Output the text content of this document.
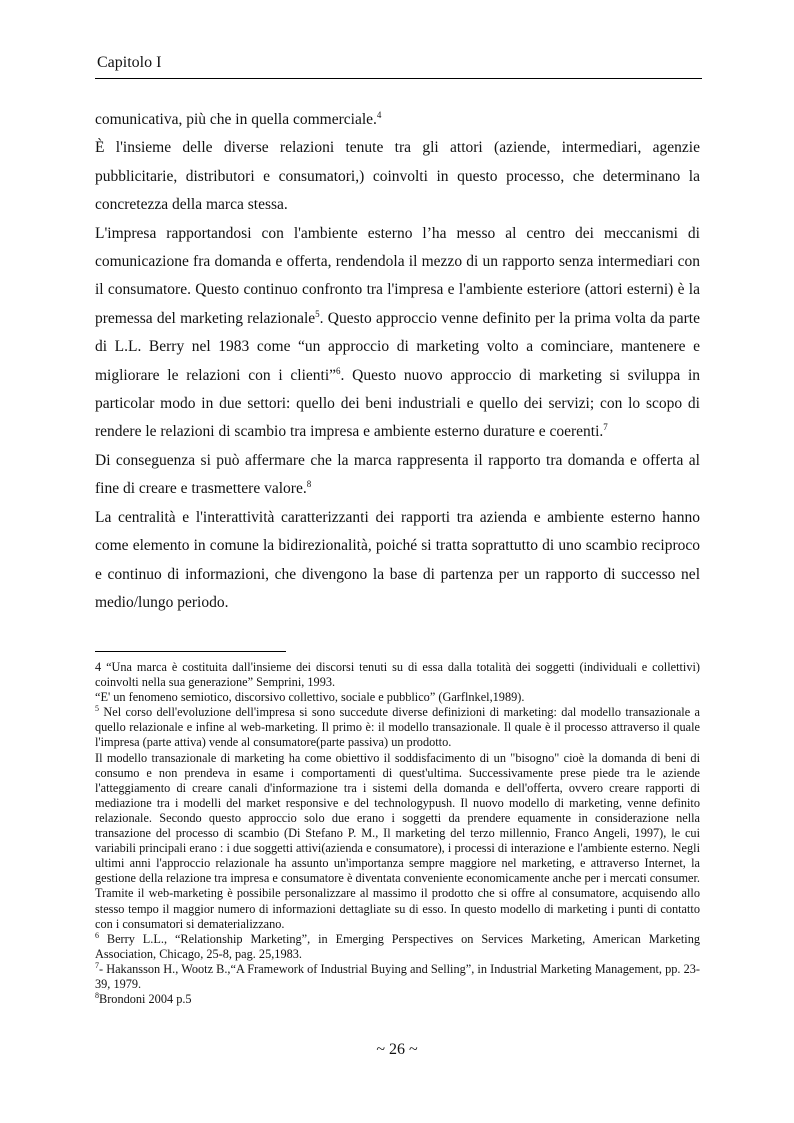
Capitolo I

comunicativa, più che in quella commerciale.$^4$

È l'insieme delle diverse relazioni tenute tra gli attori (aziende, intermediari, agenzie pubblicitarie, distributori e consumatori,) coinvolti in questo processo, che determinano la concretezza della marca stessa.

L'impresa rapportandosi con l'ambiente esterno l’ha messo al centro dei meccanismi di comunicazione fra domanda e offerta, rendendola il mezzo di un rapporto senza intermediari con il consumatore. Questo continuo confronto tra l'impresa e l'ambiente esteriore (attori esterni) è la premessa del marketing relazionale$^5$. Questo approccio venne definito per la prima volta da parte di L.L. Berry nel 1983 come “un approccio di marketing volto a cominciare, mantenere e migliorare le relazioni con i clienti”$^6$. Questo nuovo approccio di marketing si sviluppa in particolar modo in due settori: quello dei beni industriali e quello dei servizi; con lo scopo di rendere le relazioni di scambio tra impresa e ambiente esterno durature e coerenti.$^7$

Di conseguenza si può affermare che la marca rappresenta il rapporto tra domanda e offerta al fine di creare e trasmettere valore.$^8$

La centralità e l'interattività caratterizzanti dei rapporti tra azienda e ambiente esterno hanno come elemento in comune la bidirezionalità, poiché si tratta soprattutto di uno scambio reciproco e continuo di informazioni, che divengono la base di partenza per un rapporto di successo nel medio/lungo periodo.

4 “Una marca è costituita dall'insieme dei discorsi tenuti su di essa dalla totalità dei soggetti (individuali e collettivi) coinvolti nella sua generazione” Semprini, 1993.

“E' un fenomeno semiotico, discorsivo collettivo, sociale e pubblico” (Garflnkel,1989).

$^5$ Nel corso dell'evoluzione dell'impresa si sono succedute diverse definizioni di marketing: dal modello transazionale a quello relazionale e infine al web-marketing. Il primo è: il modello transazionale. Il quale è il processo attraverso il quale l'impresa (parte attiva) vende al consumatore(parte passiva) un prodotto.

Il modello transazionale di marketing ha come obiettivo il soddisfacimento di un "bisogno" cioè la domanda di beni di consumo e non prendeva in esame i comportamenti di quest'ultima. Successivamente prese piede tra le aziende l'atteggiamento di creare canali d'informazione tra i sistemi della domanda e dell'offerta, ovvero creare rapporti di mediazione tra i modelli del market responsive e del technologypush. Il nuovo modello di marketing, venne definito relazionale. Secondo questo approccio solo due erano i soggetti da prendere equamente in considerazione nella transazione del processo di scambio (Di Stefano P. M., Il marketing del terzo millennio, Franco Angeli, 1997), le cui variabili principali erano : i due soggetti attivi(azienda e consumatore), i processi di interazione e l'ambiente esterno. Negli ultimi anni l'approccio relazionale ha assunto un'importanza sempre maggiore nel marketing, e attraverso Internet, la gestione della relazione tra impresa e consumatore è diventata conveniente economicamente anche per i mercati consumer. Tramite il web-marketing è possibile personalizzare al massimo il prodotto che si offre al consumatore, acquisendo allo stesso tempo il maggior numero di informazioni dettagliate su di esso. In questo modello di marketing i punti di contatto con i consumatori si dematerializzano.

$^6$ Berry L.L., “Relationship Marketing”, in Emerging Perspectives on Services Marketing, American Marketing Association, Chicago, 25-8, pag. 25,1983.

$^7$- Hakansson H., Wootz B.,“A Framework of Industrial Buying and Selling”, in Industrial Marketing Management, pp. 23-39, 1979.

$^8$Brondoni 2004 p.5

~ 26 ~
